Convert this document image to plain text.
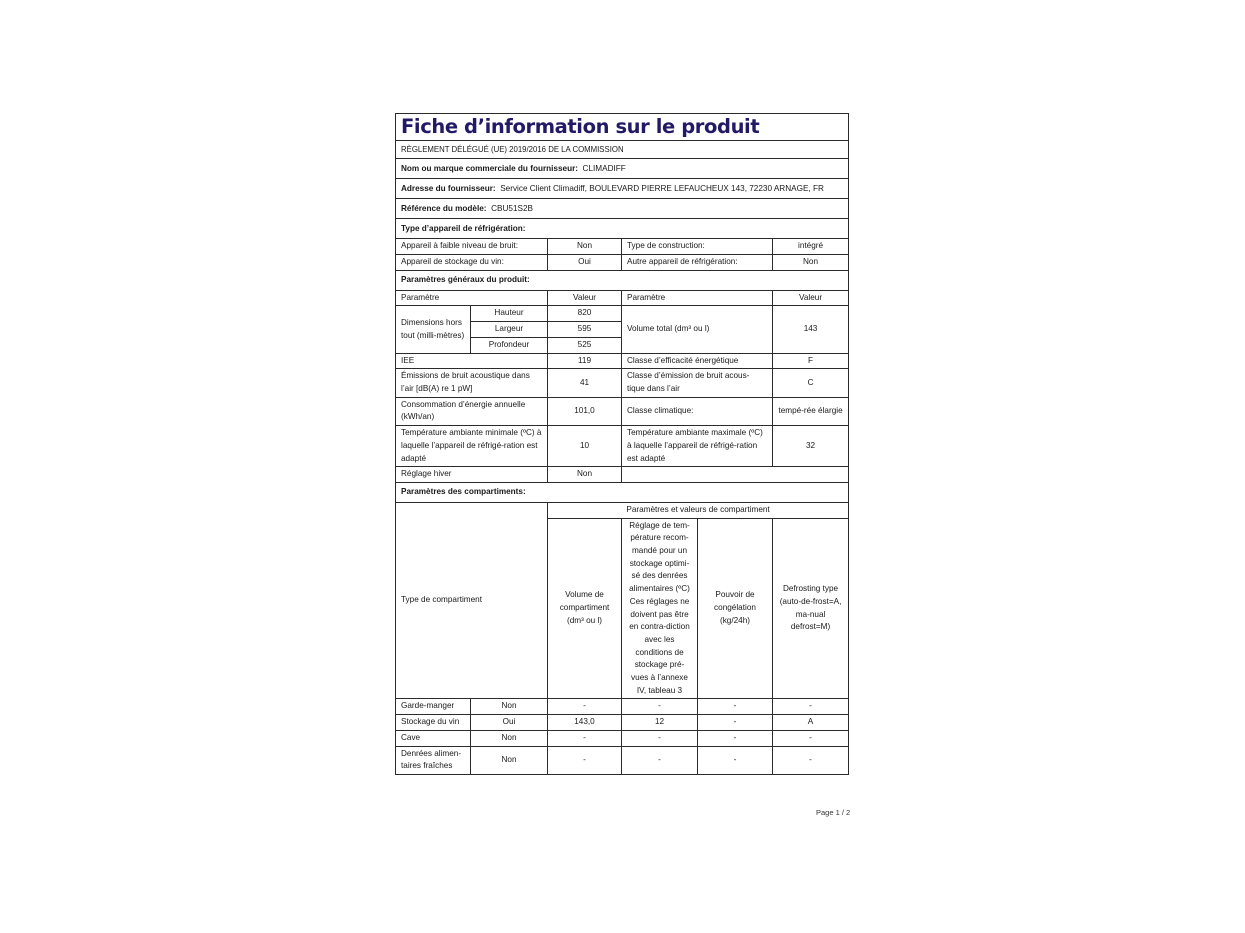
Fiche d’information sur le produit					
RÈGLEMENT DÉLÉGUÉ (UE) 2019/2016 DE LA COMMISSION					
Nom ou marque commerciale du fournisseur: CLIMADIFF					
Adresse du fournisseur: Service Client Climadiff, BOULEVARD PIERRE LEFAUCHEUX 143, 72230 ARNAGE, FR					
Référence du modèle: CBU51S2B					
Type d’appareil de réfrigération:					
Appareil à faible niveau de bruit:		Non	Type de construction:		intégré
Appareil de stockage du vin:		Oui	Autre appareil de réfrigération:		Non
Paramètres généraux du produit:					
Paramètre		Valeur	Paramètre		Valeur
Dimensions hors tout (milli-mètres)	Hauteur	820	Volume total (dm³ ou l)		143
	Largeur	595			
	Profondeur	525			
IEE		119	Classe d’efficacité énergétique		F
Émissions de bruit acoustique dans l’air [dB(A) re 1 pW]		41	Classe d’émission de bruit acous-tique dans l’air		C
Consommation d’énergie annuelle (kWh/an)		101,0	Classe climatique:		tempé-rée élargie
Température ambiante minimale (ºC) à laquelle l’appareil de réfrigé-ration est adapté		10	Température ambiante maximale (ºC) à laquelle l’appareil de réfrigé-ration est adapté		32
Réglage hiver		Non			
Paramètres des compartiments:					
Type de compartiment		Paramètres et valeurs de compartiment			
		Volume de compartiment (dm³ ou l)	Réglage de tem-pérature recom-mandé pour un stockage optimi-sé des denrées alimentaires (ºC) Ces réglages ne doivent pas être en contra-diction avec les conditions de stockage pré-vues à l’annexe IV, tableau 3	Pouvoir de congélation (kg/24h)	Defrosting type (auto-de-frost=A, ma-nual defrost=M)
Garde-manger	Non	-	-	-	-
Stockage du vin	Oui	143,0	12	-	A
Cave	Non	-	-	-	-
Denrées alimen-taires fraîches	Non	-	-	-	-
Page 1 / 2
